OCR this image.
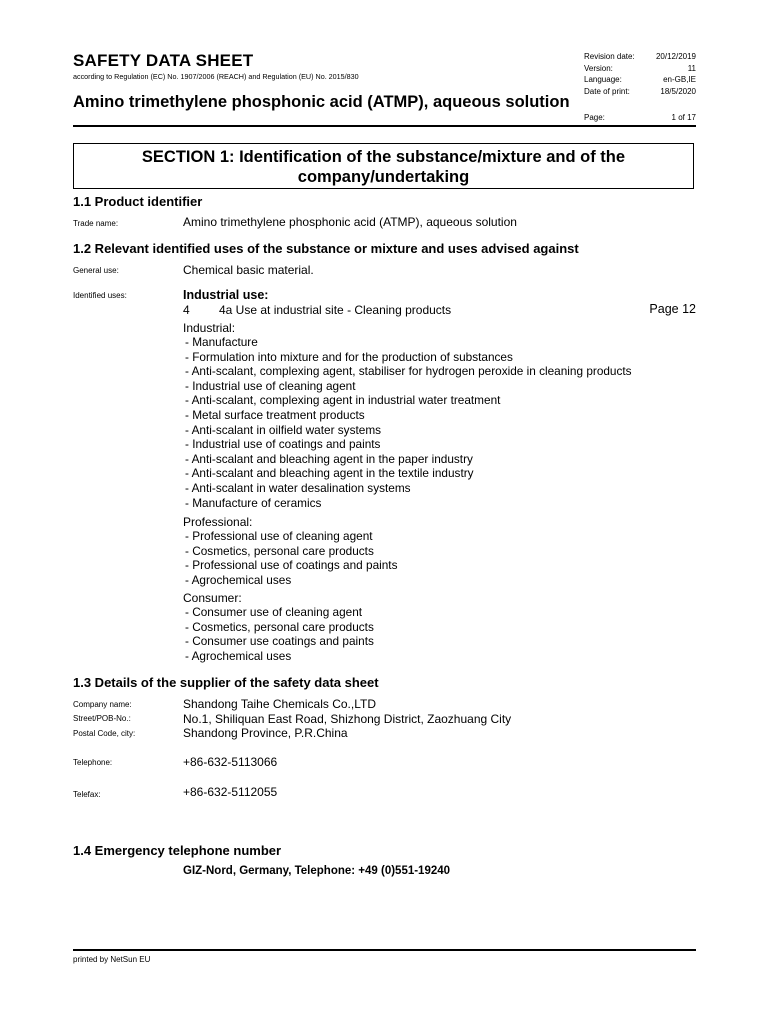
SAFETY DATA SHEET
according to Regulation (EC) No. 1907/2006 (REACH) and Regulation (EU) No. 2015/830
Amino trimethylene phosphonic acid (ATMP), aqueous solution
Revision date:	20/12/2019
Version:	11
Language:	en-GB,IE
Date of print:	18/5/2020
Page:	1 of 17
SECTION 1: Identification of the substance/mixture and of the
company/undertaking
1.1 Product identifier
Trade name:	Amino trimethylene phosphonic acid (ATMP), aqueous solution
1.2 Relevant identified uses of the substance or mixture and uses advised against
General use:	Chemical basic material.
Identified uses:	Industrial use:
4 4a Use at industrial site - Cleaning products	Page 12
Industrial:
- Manufacture
- Formulation into mixture and for the production of substances
- Anti-scalant, complexing agent, stabiliser for hydrogen peroxide in cleaning products
- Industrial use of cleaning agent
- Anti-scalant, complexing agent in industrial water treatment
- Metal surface treatment products
- Anti-scalant in oilfield water systems
- Industrial use of coatings and paints
- Anti-scalant and bleaching agent in the paper industry
- Anti-scalant and bleaching agent in the textile industry
- Anti-scalant in water desalination systems
- Manufacture of ceramics
Professional:
- Professional use of cleaning agent
- Cosmetics, personal care products
- Professional use of coatings and paints
- Agrochemical uses
Consumer:
- Consumer use of cleaning agent
- Cosmetics, personal care products
- Consumer use coatings and paints
- Agrochemical uses
1.3 Details of the supplier of the safety data sheet
Company name:	Shandong Taihe Chemicals Co.,LTD
Street/POB-No.:	No.1, Shiliquan East Road, Shizhong District, Zaozhuang City
Postal Code, city:	Shandong Province, P.R.China
Telephone:	+86-632-5113066
Telefax:	+86-632-5112055
1.4 Emergency telephone number
GIZ-Nord, Germany, Telephone: +49 (0)551-19240
printed by NetSun EU
